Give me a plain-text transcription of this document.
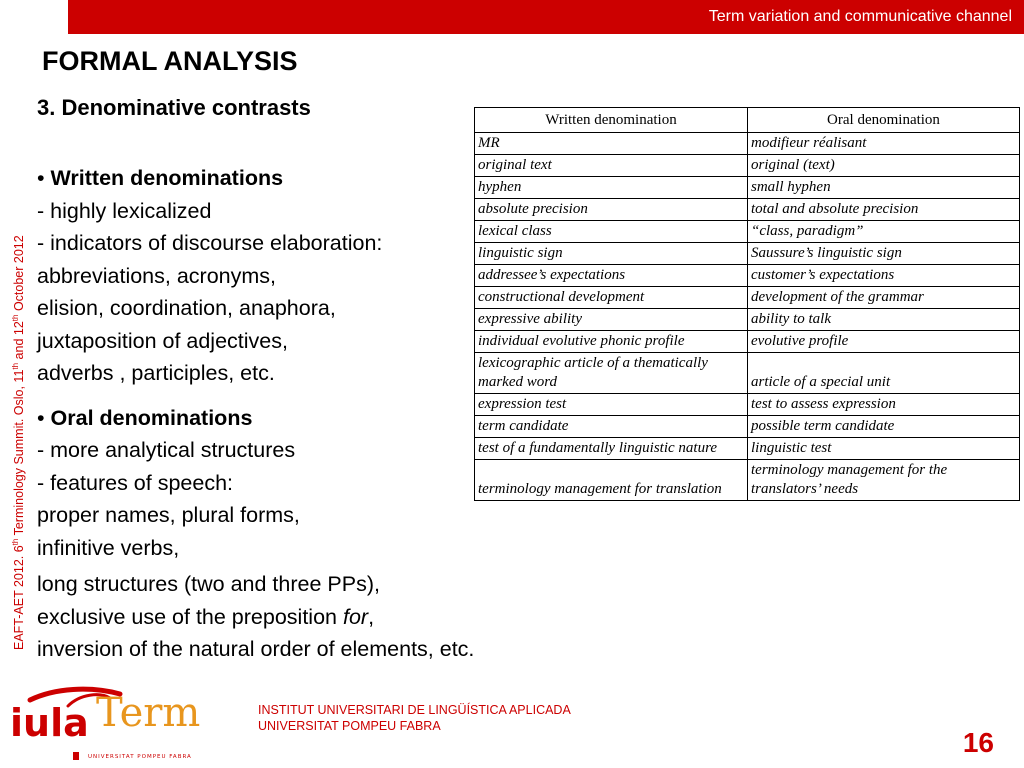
Term variation and communicative channel
FORMAL ANALYSIS
3. Denominative contrasts
EAFT-AET 2012. 6th Terminology Summit. Oslo, 11th and 12th October 2012
• Written denominations
- highly lexicalized
- indicators of discourse elaboration:
abbreviations, acronyms,
elision, coordination, anaphora,
juxtaposition of adjectives,
adverbs , participles, etc.
• Oral denominations
- more analytical structures
- features of speech:
proper names, plural forms,
infinitive verbs,
long structures (two and three PPs),
exclusive use of the preposition for,
inversion of the natural order of elements, etc.
Written denomination	Oral denomination
MR	modifieur réalisant
original text	original (text)
hyphen	small hyphen
absolute precision	total and absolute precision
lexical class	“class, paradigm”
linguistic sign	Saussure’s linguistic sign
addressee’s expectations	customer’s expectations
constructional development	development of the grammar
expressive ability	ability to talk
individual evolutive phonic profile	evolutive profile
lexicographic article of a thematically marked word	article of a special unit
expression test	test to assess expression
term candidate	possible term candidate
test of a fundamentally linguistic nature	linguistic test
terminology management for translation	terminology management for the translators’ needs
iula Term
UNIVERSITAT POMPEU FABRA
INSTITUT UNIVERSITARI DE LINGÜÍSTICA APLICADA
UNIVERSITAT POMPEU FABRA
16
